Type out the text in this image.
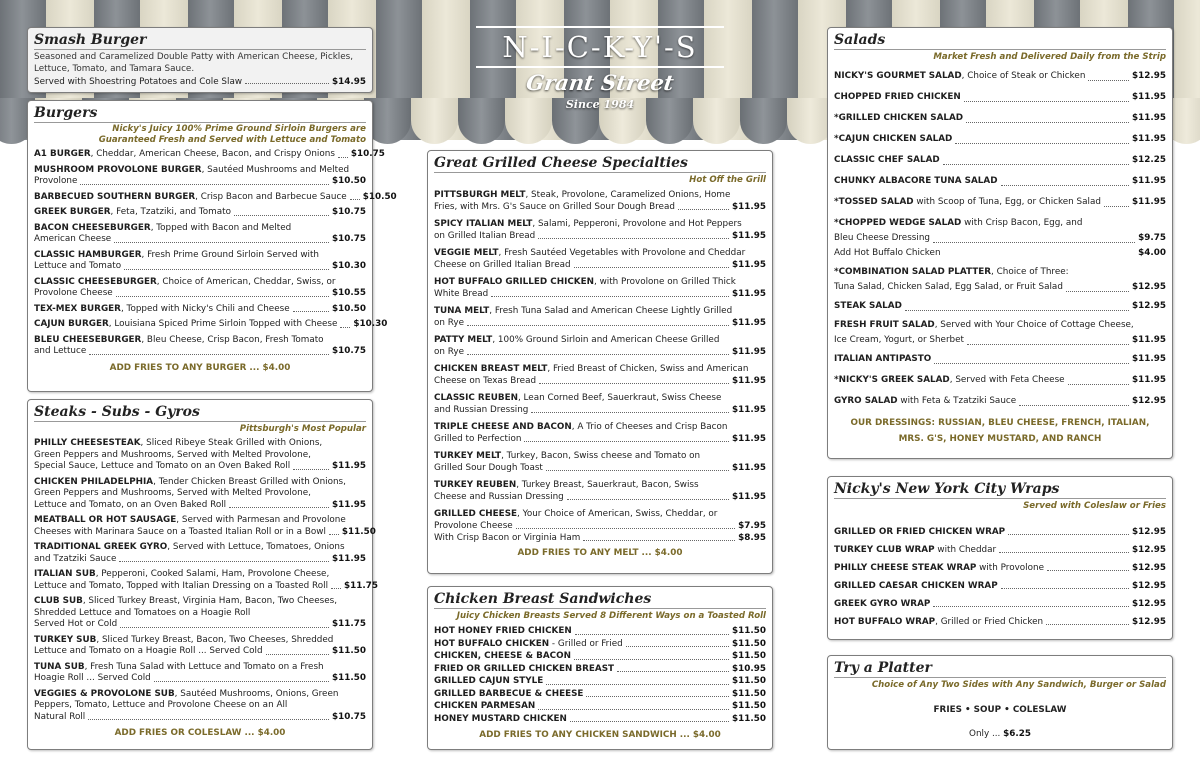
N-I-C-K-Y'-S
Grant Street
Since 1984
Smash Burger
Seasoned and Caramelized Double Patty with American Cheese, Pickles, Lettuce, Tomato, and Tamara Sauce.
Served with Shoestring Potatoes and Cole Slaw	$14.95
Burgers
Nicky's Juicy 100% Prime Ground Sirloin Burgers are
Guaranteed Fresh and Served with Lettuce and Tomato
A1 BURGER, Cheddar, American Cheese, Bacon, and Crispy Onions $10.75
MUSHROOM PROVOLONE BURGER, Sautéed Mushrooms and Melted
Provolone	$10.50
BARBECUED SOUTHERN BURGER, Crisp Bacon and Barbecue Sauce $10.50
GREEK BURGER, Feta, Tzatziki, and Tomato	$10.75
BACON CHEESEBURGER, Topped with Bacon and Melted
American Cheese	$10.75
CLASSIC HAMBURGER, Fresh Prime Ground Sirloin Served with
Lettuce and Tomato	$10.30
CLASSIC CHEESEBURGER, Choice of American, Cheddar, Swiss, or
Provolone Cheese	$10.55
TEX-MEX BURGER, Topped with Nicky's Chili and Cheese	$10.50
CAJUN BURGER, Louisiana Spiced Prime Sirloin Topped with Cheese $10.30
BLEU CHEESEBURGER, Bleu Cheese, Crisp Bacon, Fresh Tomato
and Lettuce	$10.75
ADD FRIES TO ANY BURGER ... $4.00
Steaks - Subs - Gyros
Pittsburgh's Most Popular
PHILLY CHEESESTEAK, Sliced Ribeye Steak Grilled with Onions,
Green Peppers and Mushrooms, Served with Melted Provolone,
Special Sauce, Lettuce and Tomato on an Oven Baked Roll	$11.95
CHICKEN PHILADELPHIA, Tender Chicken Breast Grilled with Onions,
Green Peppers and Mushrooms, Served with Melted Provolone,
Lettuce and Tomato, on an Oven Baked Roll	$11.95
MEATBALL OR HOT SAUSAGE, Served with Parmesan and Provolone
Cheeses with Marinara Sauce on a Toasted Italian Roll or in a Bowl $11.50
TRADITIONAL GREEK GYRO, Served with Lettuce, Tomatoes, Onions
and Tzatziki Sauce	$11.95
ITALIAN SUB, Pepperoni, Cooked Salami, Ham, Provolone Cheese,
Lettuce and Tomato, Topped with Italian Dressing on a Toasted Roll $11.75
CLUB SUB, Sliced Turkey Breast, Virginia Ham, Bacon, Two Cheeses,
Shredded Lettuce and Tomatoes on a Hoagie Roll
Served Hot or Cold	$11.75
TURKEY SUB, Sliced Turkey Breast, Bacon, Two Cheeses, Shredded
Lettuce and Tomato on a Hoagie Roll ... Served Cold	$11.50
TUNA SUB, Fresh Tuna Salad with Lettuce and Tomato on a Fresh
Hoagie Roll ... Served Cold	$11.50
VEGGIES & PROVOLONE SUB, Sautéed Mushrooms, Onions, Green
Peppers, Tomato, Lettuce and Provolone Cheese on an All
Natural Roll	$10.75
ADD FRIES OR COLESLAW ... $4.00
Great Grilled Cheese Specialties
Hot Off the Grill
PITTSBURGH MELT, Steak, Provolone, Caramelized Onions, Home
Fries, with Mrs. G's Sauce on Grilled Sour Dough Bread	$11.95
SPICY ITALIAN MELT, Salami, Pepperoni, Provolone and Hot Peppers
on Grilled Italian Bread	$11.95
VEGGIE MELT, Fresh Sautéed Vegetables with Provolone and Cheddar
Cheese on Grilled Italian Bread	$11.95
HOT BUFFALO GRILLED CHICKEN, with Provolone on Grilled Thick
White Bread	$11.95
TUNA MELT, Fresh Tuna Salad and American Cheese Lightly Grilled
on Rye	$11.95
PATTY MELT, 100% Ground Sirloin and American Cheese Grilled
on Rye	$11.95
CHICKEN BREAST MELT, Fried Breast of Chicken, Swiss and American
Cheese on Texas Bread	$11.95
CLASSIC REUBEN, Lean Corned Beef, Sauerkraut, Swiss Cheese
and Russian Dressing	$11.95
TRIPLE CHEESE AND BACON, A Trio of Cheeses and Crisp Bacon
Grilled to Perfection	$11.95
TURKEY MELT, Turkey, Bacon, Swiss cheese and Tomato on
Grilled Sour Dough Toast	$11.95
TURKEY REUBEN, Turkey Breast, Sauerkraut, Bacon, Swiss
Cheese and Russian Dressing	$11.95
GRILLED CHEESE, Your Choice of American, Swiss, Cheddar, or
Provolone Cheese	$7.95
With Crisp Bacon or Virginia Ham	$8.95
ADD FRIES TO ANY MELT ... $4.00
Chicken Breast Sandwiches
Juicy Chicken Breasts Served 8 Different Ways on a Toasted Roll
HOT HONEY FRIED CHICKEN	$11.50
HOT BUFFALO CHICKEN - Grilled or Fried	$11.50
CHICKEN, CHEESE & BACON	$11.50
FRIED OR GRILLED CHICKEN BREAST	$10.95
GRILLED CAJUN STYLE	$11.50
GRILLED BARBECUE & CHEESE	$11.50
CHICKEN PARMESAN	$11.50
HONEY MUSTARD CHICKEN	$11.50
ADD FRIES TO ANY CHICKEN SANDWICH ... $4.00
Salads
Market Fresh and Delivered Daily from the Strip
NICKY'S GOURMET SALAD, Choice of Steak or Chicken	$12.95
CHOPPED FRIED CHICKEN	$11.95
*GRILLED CHICKEN SALAD	$11.95
*CAJUN CHICKEN SALAD	$11.95
CLASSIC CHEF SALAD	$12.25
CHUNKY ALBACORE TUNA SALAD	$11.95
*TOSSED SALAD with Scoop of Tuna, Egg, or Chicken Salad	$11.95
*CHOPPED WEDGE SALAD with Crisp Bacon, Egg, and
Bleu Cheese Dressing	$9.75
Add Hot Buffalo Chicken	$4.00
*COMBINATION SALAD PLATTER, Choice of Three:
Tuna Salad, Chicken Salad, Egg Salad, or Fruit Salad	$12.95
STEAK SALAD	$12.95
FRESH FRUIT SALAD, Served with Your Choice of Cottage Cheese,
Ice Cream, Yogurt, or Sherbet	$11.95
ITALIAN ANTIPASTO	$11.95
*NICKY'S GREEK SALAD, Served with Feta Cheese	$11.95
GYRO SALAD with Feta & Tzatziki Sauce	$12.95
OUR DRESSINGS: RUSSIAN, BLEU CHEESE, FRENCH, ITALIAN,
MRS. G'S, HONEY MUSTARD, AND RANCH
Nicky's New York City Wraps
Served with Coleslaw or Fries
GRILLED OR FRIED CHICKEN WRAP	$12.95
TURKEY CLUB WRAP with Cheddar	$12.95
PHILLY CHEESE STEAK WRAP with Provolone	$12.95
GRILLED CAESAR CHICKEN WRAP	$12.95
GREEK GYRO WRAP	$12.95
HOT BUFFALO WRAP, Grilled or Fried Chicken	$12.95
Try a Platter
Choice of Any Two Sides with Any Sandwich, Burger or Salad
FRIES • SOUP • COLESLAW
Only ... $6.25
